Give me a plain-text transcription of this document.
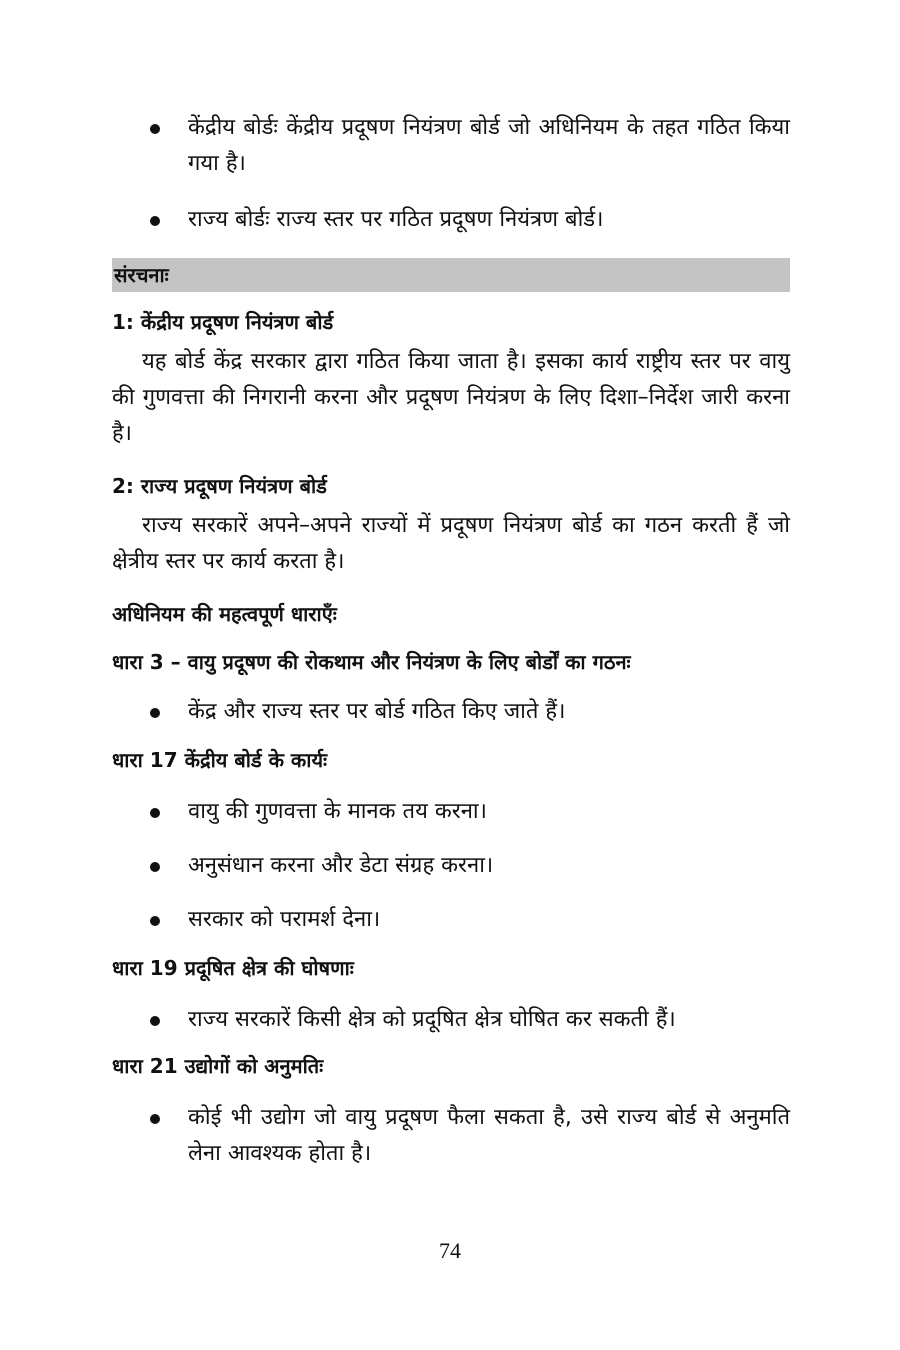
केंद्रीय बोर्डः केंद्रीय प्रदूषण नियंत्रण बोर्ड जो अधिनियम के तहत गठित किया गया है।
राज्य बोर्डः राज्य स्तर पर गठित प्रदूषण नियंत्रण बोर्ड।
संरचनाः
1: केंद्रीय प्रदूषण नियंत्रण बोर्ड

यह बोर्ड केंद्र सरकार द्वारा गठित किया जाता है। इसका कार्य राष्ट्रीय स्तर पर वायु की गुणवत्ता की निगरानी करना और प्रदूषण नियंत्रण के लिए दिशा–निर्देश जारी करना है।

2: राज्य प्रदूषण नियंत्रण बोर्ड

राज्य सरकारें अपने–अपने राज्यों में प्रदूषण नियंत्रण बोर्ड का गठन करती हैं जो क्षेत्रीय स्तर पर कार्य करता है।

अधिनियम की महत्वपूर्ण धाराएँः
धारा 3 – वायु प्रदूषण की रोकथाम और नियंत्रण के लिए बोर्डों का गठनः
केंद्र और राज्य स्तर पर बोर्ड गठित किए जाते हैं।
धारा 17 केंद्रीय बोर्ड के कार्यः
वायु की गुणवत्ता के मानक तय करना।
अनुसंधान करना और डेटा संग्रह करना।
सरकार को परामर्श देना।
धारा 19 प्रदूषित क्षेत्र की घोषणाः
राज्य सरकारें किसी क्षेत्र को प्रदूषित क्षेत्र घोषित कर सकती हैं।
धारा 21 उद्योगों को अनुमतिः
कोई भी उद्योग जो वायु प्रदूषण फैला सकता है, उसे राज्य बोर्ड से अनुमति लेना आवश्यक होता है।
74
